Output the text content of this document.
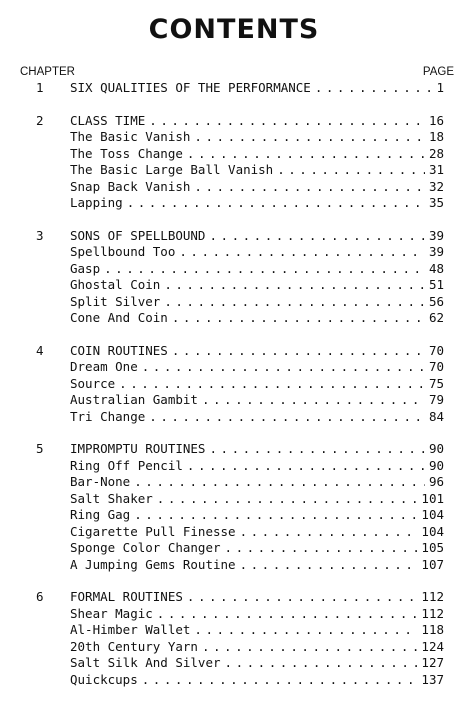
CONTENTS
CHAPTER	PAGE
1	SIX QUALITIES OF THE PERFORMANCE . . .	1
2	CLASS TIME . . .	16
The Basic Vanish . . .	18
The Toss Change . . .	28
The Basic Large Ball Vanish . . .	31
Snap Back Vanish . . .	32
Lapping . . .	35
3	SONS OF SPELLBOUND . . .	39
Spellbound Too . . .	39
Gasp . . .	48
Ghostal Coin . . .	51
Split Silver . . .	56
Cone And Coin . . .	62
4	COIN ROUTINES . . .	70
Dream One . . .	70
Source . . .	75
Australian Gambit . . .	79
Tri Change . . .	84
5	IMPROMPTU ROUTINES . . .	90
Ring Off Pencil . . .	90
Bar-None . . .	96
Salt Shaker . . .	101
Ring Gag . . .	104
Cigarette Pull Finesse . . .	104
Sponge Color Changer . . .	105
A Jumping Gems Routine . . .	107
6	FORMAL ROUTINES . . .	112
Shear Magic . . .	112
Al-Himber Wallet . . .	118
20th Century Yarn . . .	124
Salt Silk And Silver . . .	127
Quickcups . . .	137
